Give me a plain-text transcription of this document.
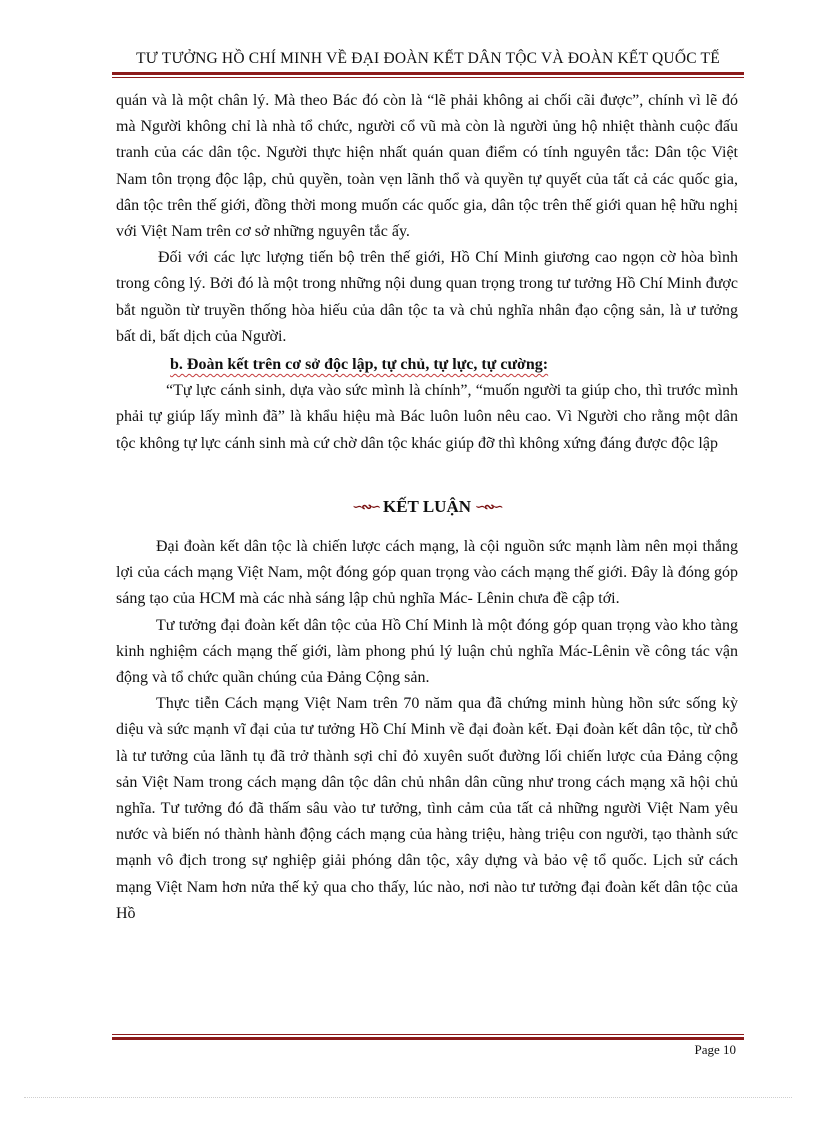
TƯ TƯỞNG HỒ CHÍ MINH VỀ ĐẠI ĐOÀN KẾT DÂN TỘC VÀ ĐOÀN KẾT QUỐC TẾ

quán và là một chân lý. Mà theo Bác đó còn là “lẽ phải không ai chối cãi được”, chính vì lẽ đó mà Người không chỉ là nhà tổ chức, người cổ vũ mà còn là người ủng hộ nhiệt thành cuộc đấu tranh của các dân tộc. Người thực hiện nhất quán quan điểm có tính nguyên tắc: Dân tộc Việt Nam tôn trọng độc lập, chủ quyền, toàn vẹn lãnh thổ và quyền tự quyết của tất cả các quốc gia, dân tộc trên thế giới, đồng thời mong muốn các quốc gia, dân tộc trên thế giới quan hệ hữu nghị với Việt Nam trên cơ sở những nguyên tắc ấy.

Đối với các lực lượng tiến bộ trên thế giới, Hồ Chí Minh giương cao ngọn cờ hòa bình trong công lý. Bởi đó là một trong những nội dung quan trọng trong tư tưởng Hồ Chí Minh được bắt nguồn từ truyền thống hòa hiếu của dân tộc ta và chủ nghĩa nhân đạo cộng sản, là ư tưởng bất di, bất dịch của Người.

b. Đoàn kết trên cơ sở độc lập, tự chủ, tự lực, tự cường:

“Tự lực cánh sinh, dựa vào sức mình là chính”, “muốn người ta giúp cho, thì trước mình phải tự giúp lấy mình đã” là khẩu hiệu mà Bác luôn luôn nêu cao. Vì Người cho rằng một dân tộc không tự lực cánh sinh mà cứ chờ dân tộc khác giúp đỡ thì không xứng đáng được độc lập

∽∾∽ KẾT LUẬN ∽∾∽

Đại đoàn kết dân tộc là chiến lược cách mạng, là cội nguồn sức mạnh làm nên mọi thắng lợi của cách mạng Việt Nam, một đóng góp quan trọng vào cách mạng thế giới. Đây là đóng góp sáng tạo của HCM mà các nhà sáng lập chủ nghĩa Mác- Lênin chưa đề cập tới.

Tư tưởng đại đoàn kết dân tộc của Hồ Chí Minh là một đóng góp quan trọng vào kho tàng kinh nghiệm cách mạng thế giới, làm phong phú lý luận chủ nghĩa Mác-Lênin về công tác vận động và tổ chức quần chúng của Đảng Cộng sản.

Thực tiễn Cách mạng Việt Nam trên 70 năm qua đã chứng minh hùng hồn sức sống kỳ diệu và sức mạnh vĩ đại của tư tưởng Hồ Chí Minh về đại đoàn kết. Đại đoàn kết dân tộc, từ chỗ là tư tưởng của lãnh tụ đã trở thành sợi chỉ đỏ xuyên suốt đường lối chiến lược của Đảng cộng sản Việt Nam trong cách mạng dân tộc dân chủ nhân dân cũng như trong cách mạng xã hội chủ nghĩa. Tư tưởng đó đã thấm sâu vào tư tưởng, tình cảm của tất cả những người Việt Nam yêu nước và biến nó thành hành động cách mạng của hàng triệu, hàng triệu con người, tạo thành sức mạnh vô địch trong sự nghiệp giải phóng dân tộc, xây dựng và bảo vệ tổ quốc. Lịch sử cách mạng Việt Nam hơn nửa thế kỷ qua cho thấy, lúc nào, nơi nào tư tưởng đại đoàn kết dân tộc của Hồ

Page 10
